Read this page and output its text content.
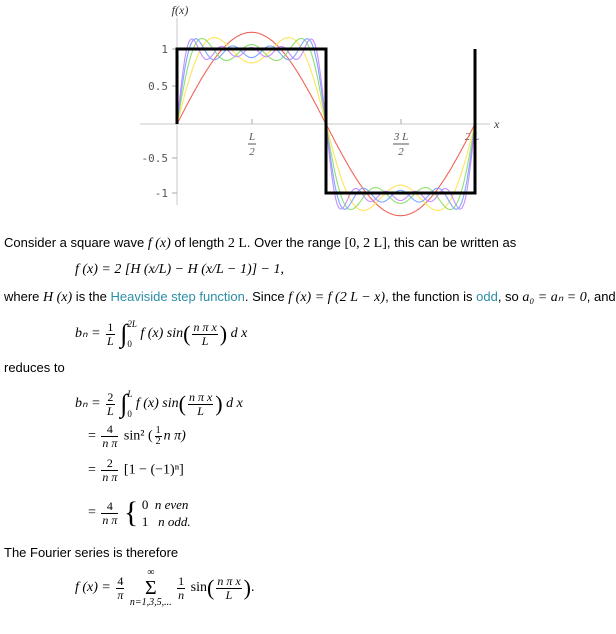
1
0.5
-0.5
-1
L
2
3 L
2
2 L
f(x)
x

Consider a square wave f (x) of length 2 L. Over the range [0, 2 L], this can be written as

f (x) = 2 [H (x/L) − H (x/L − 1)] − 1,

where H (x) is the Heaviside step function. Since f (x) = f (2 L − x), the function is odd, so a₀ = aₙ = 0, and

$b_n = \frac{1}{L}$ ∫ 2L
0
f (x) $\sin( \frac{\text{n π x}}{L}$ ) d x

reduces to

$b_n = \frac{2}{L}$ ∫ L
0
f (x) $\sin( \frac{\text{n π x}}{L}$ ) d x
= $\frac{4}{\text{n π}} \sin^2$ ( $\frac{1}{2}$ n π)
= $\frac{2}{\text{n π}} [1 - (-1)^n]$
= $\frac{4}{\text{n π}}$ { 0 n even
1 n odd.

The Fourier series is therefore

f $(x) = \frac{4}{\pi}$

∞
Σ
n=1,3,5,...

$\frac{1}{n} \sin( \frac{\text{n π x}}{L}$ ).
